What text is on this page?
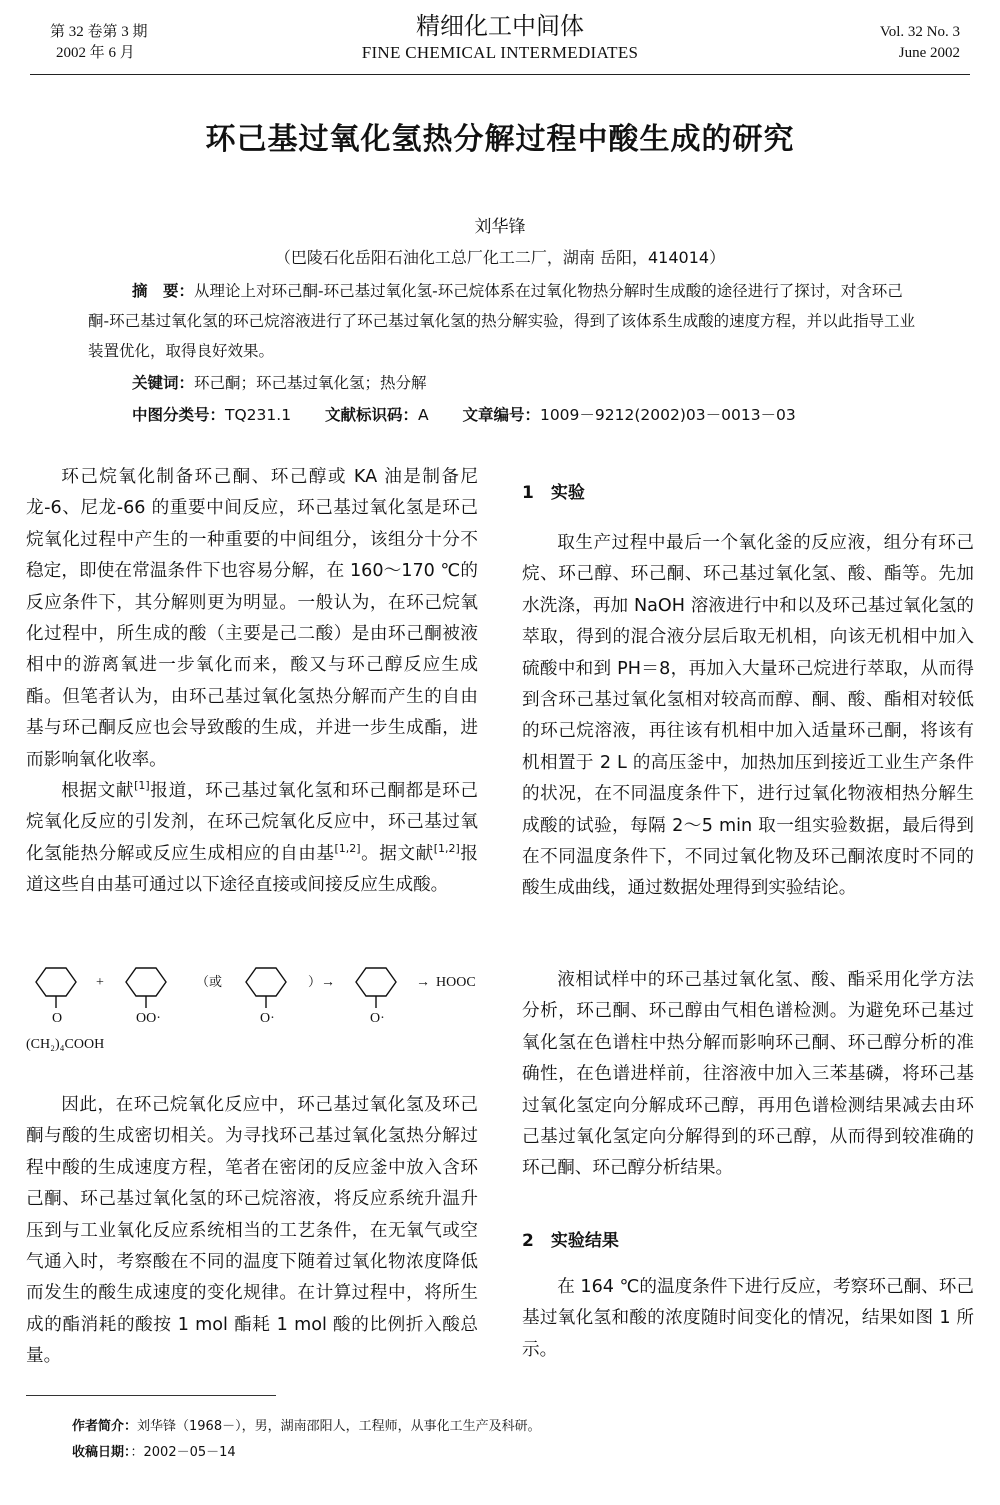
第 32 卷第 3 期
2002 年 6 月
精细化工中间体
FINE CHEMICAL INTERMEDIATES
Vol. 32 No. 3
June 2002
环己基过氧化氢热分解过程中酸生成的研究
刘华锋
（巴陵石化岳阳石油化工总厂化工二厂，湖南 岳阳，414014）
摘　要：从理论上对环己酮-环己基过氧化氢-环己烷体系在过氧化物热分解时生成酸的途径进行了探讨，对含环己酮-环己基过氧化氢的环己烷溶液进行了环己基过氧化氢的热分解实验，得到了该体系生成酸的速度方程，并以此指导工业装置优化，取得良好效果。
关键词：环己酮；环己基过氧化氢；热分解
中图分类号：TQ231.1 文献标识码：A 文章编号：1009－9212(2002)03－0013－03

环己烷氧化制备环己酮、环己醇或 KA 油是制备尼龙-6、尼龙-66 的重要中间反应，环己基过氧化氢是环己烷氧化过程中产生的一种重要的中间组分，该组分十分不稳定，即使在常温条件下也容易分解，在 160～170 ℃的反应条件下，其分解则更为明显。一般认为，在环己烷氧化过程中，所生成的酸（主要是己二酸）是由环己酮被液相中的游离氧进一步氧化而来，酸又与环己醇反应生成酯。但笔者认为，由环己基过氧化氢热分解而产生的自由基与环己酮反应也会导致酸的生成，并进一步生成酯，进而影响氧化收率。

根据文献[1]报道，环己基过氧化氢和环己酮都是环己烷氧化反应的引发剂，在环己烷氧化反应中，环己基过氧化氢能热分解或反应生成相应的自由基[1,2]。据文献[1,2]报道这些自由基可通过以下途径直接或间接反应生成酸。

+	（或	） →	→ HOOC
O	OO·	O·	O·
(CH₂)₄COOH

因此，在环己烷氧化反应中，环己基过氧化氢及环己酮与酸的生成密切相关。为寻找环己基过氧化氢热分解过程中酸的生成速度方程，笔者在密闭的反应釜中放入含环己酮、环己基过氧化氢的环己烷溶液，将反应系统升温升压到与工业氧化反应系统相当的工艺条件，在无氧气或空气通入时，考察酸在不同的温度下随着过氧化物浓度降低而发生的酸生成速度的变化规律。在计算过程中，将所生成的酯消耗的酸按 1 mol 酯耗 1 mol 酸的比例折入酸总量。

1　实验

取生产过程中最后一个氧化釜的反应液，组分有环己烷、环己醇、环己酮、环己基过氧化氢、酸、酯等。先加水洗涤，再加 NaOH 溶液进行中和以及环己基过氧化氢的萃取，得到的混合液分层后取无机相，向该无机相中加入硫酸中和到 PH＝8，再加入大量环己烷进行萃取，从而得到含环己基过氧化氢相对较高而醇、酮、酸、酯相对较低的环己烷溶液，再往该有机相中加入适量环己酮，将该有机相置于 2 L 的高压釜中，加热加压到接近工业生产条件的状况，在不同温度条件下，进行过氧化物液相热分解生成酸的试验，每隔 2～5 min 取一组实验数据，最后得到在不同温度条件下，不同过氧化物及环己酮浓度时不同的酸生成曲线，通过数据处理得到实验结论。

液相试样中的环己基过氧化氢、酸、酯采用化学方法分析，环己酮、环己醇由气相色谱检测。为避免环己基过氧化氢在色谱柱中热分解而影响环己酮、环己醇分析的准确性，在色谱进样前，往溶液中加入三苯基磷，将环己基过氧化氢定向分解成环己醇，再用色谱检测结果减去由环己基过氧化氢定向分解得到的环己醇，从而得到较准确的环己酮、环己醇分析结果。

2　实验结果

在 164 ℃的温度条件下进行反应，考察环己酮、环己基过氧化氢和酸的浓度随时间变化的情况，结果如图 1 所示。

作者简介：刘华锋（1968－），男，湖南邵阳人，工程师，从事化工生产及科研。
收稿日期：：2002－05－14
